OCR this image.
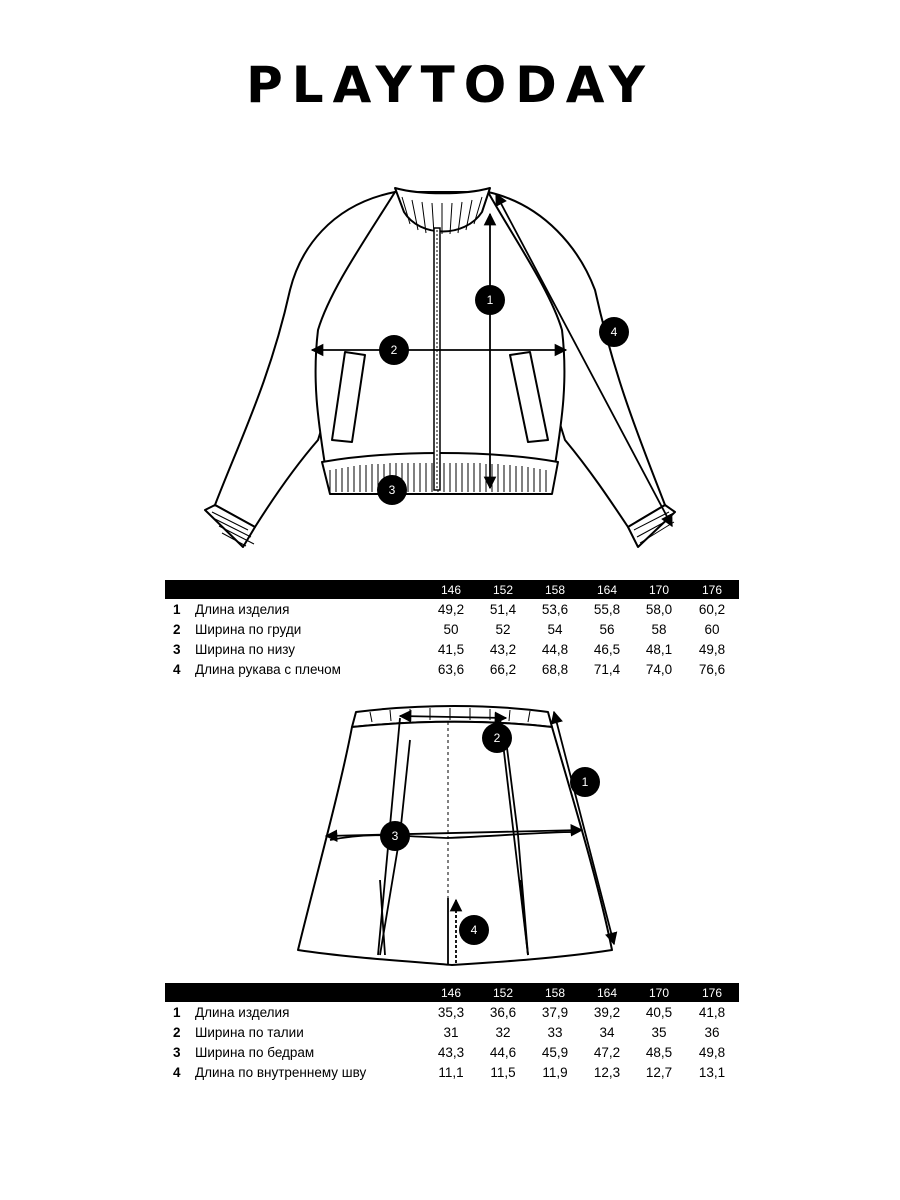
PLAYTODAY
1
2
3
4
		146	152	158	164	170	176
1	Длина изделия	49,2	51,4	53,6	55,8	58,0	60,2
2	Ширина по груди	50	52	54	56	58	60
3	Ширина по низу	41,5	43,2	44,8	46,5	48,1	49,8
4	Длина рукава с плечом	63,6	66,2	68,8	71,4	74,0	76,6
1
2
3
4
		146	152	158	164	170	176
1	Длина изделия	35,3	36,6	37,9	39,2	40,5	41,8
2	Ширина по талии	31	32	33	34	35	36
3	Ширина по бедрам	43,3	44,6	45,9	47,2	48,5	49,8
4	Длина по внутреннему шву	11,1	11,5	11,9	12,3	12,7	13,1
